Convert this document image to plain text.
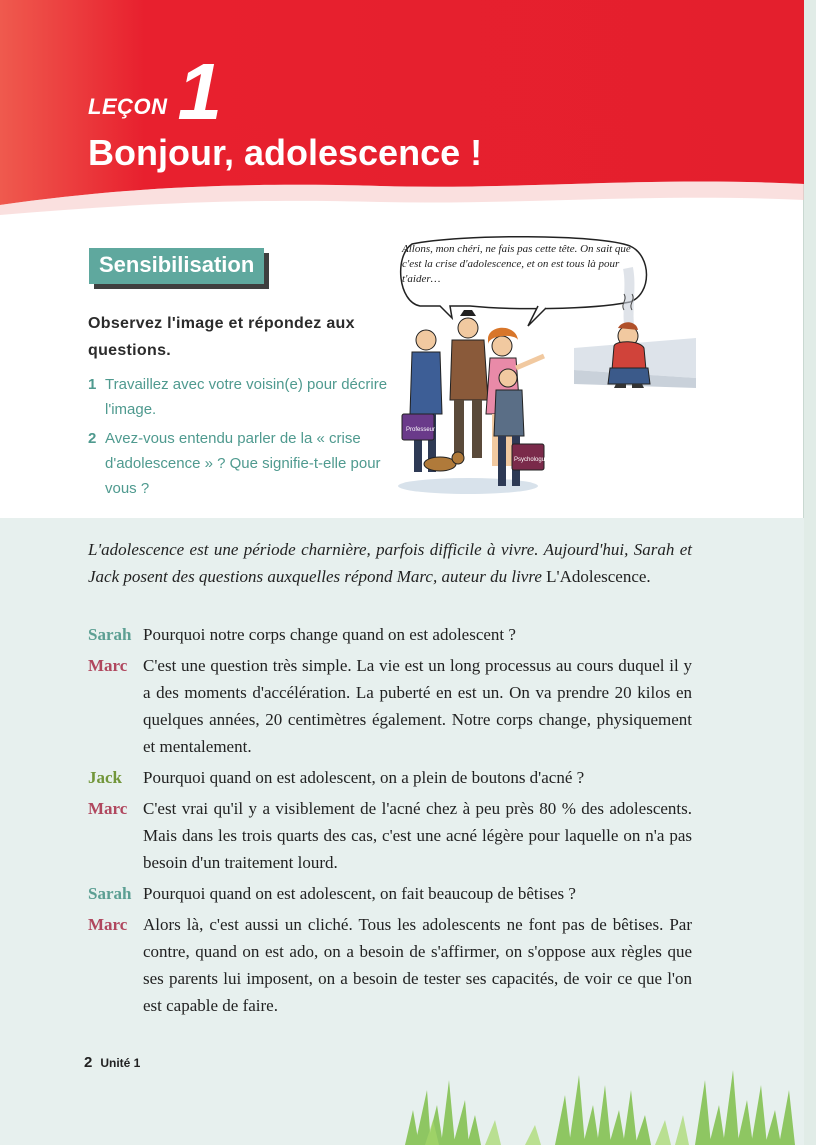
LEÇON 1
Bonjour, adolescence !
Sensibilisation
Observez l'image et répondez aux questions.
1 Travaillez avec votre voisin(e) pour décrire l'image.
2 Avez-vous entendu parler de la « crise d'adolescence » ? Que signifie-t-elle pour vous ?
Professeur
Psychologue
Allons, mon chéri, ne fais pas cette tête. On sait que c'est la crise d'adolescence, et on est tous là pour t'aider…
L'adolescence est une période charnière, parfois difficile à vivre. Aujourd'hui, Sarah et Jack posent des questions auxquelles répond Marc, auteur du livre L'Adolescence.
Sarah Pourquoi notre corps change quand on est adolescent ?
Marc C'est une question très simple. La vie est un long processus au cours duquel il y a des moments d'accélération. La puberté en est un. On va prendre 20 kilos en quelques années, 20 centimètres également. Notre corps change, physiquement et mentalement.
Jack	Pourquoi quand on est adolescent, on a plein de boutons d'acné ?
Marc C'est vrai qu'il y a visiblement de l'acné chez à peu près 80 % des adolescents. Mais dans les trois quarts des cas, c'est une acné légère pour laquelle on n'a pas besoin d'un traitement lourd.
Sarah Pourquoi quand on est adolescent, on fait beaucoup de bêtises ?
Marc Alors là, c'est aussi un cliché. Tous les adolescents ne font pas de bêtises. Par contre, quand on est ado, on a besoin de s'affirmer, on s'oppose aux règles que ses parents lui imposent, on a besoin de tester ses capacités, de voir ce que l'on est capable de faire.
2 Unité 1
